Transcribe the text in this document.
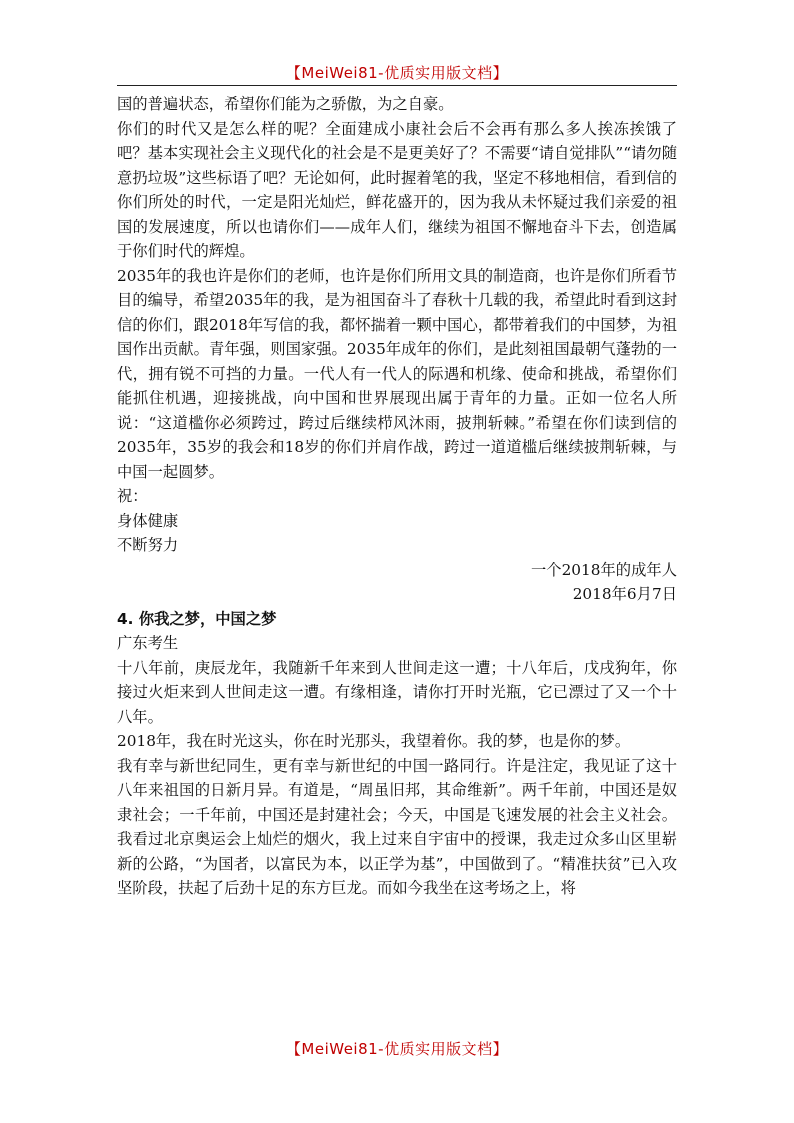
【MeiWei81-优质实用版文档】

国的普遍状态，希望你们能为之骄傲，为之自豪。

你们的时代又是怎么样的呢？全面建成小康社会后不会再有那么多人挨冻挨饿了吧？基本实现社会主义现代化的社会是不是更美好了？不需要“请自觉排队”“请勿随意扔垃圾”这些标语了吧？无论如何，此时握着笔的我，坚定不移地相信，看到信的你们所处的时代，一定是阳光灿烂，鲜花盛开的，因为我从未怀疑过我们亲爱的祖国的发展速度，所以也请你们——成年人们，继续为祖国不懈地奋斗下去，创造属于你们时代的辉煌。

2035年的我也许是你们的老师，也许是你们所用文具的制造商，也许是你们所看节目的编导，希望2035年的我，是为祖国奋斗了春秋十几载的我，希望此时看到这封信的你们，跟2018年写信的我，都怀揣着一颗中国心，都带着我们的中国梦，为祖国作出贡献。青年强，则国家强。2035年成年的你们，是此刻祖国最朝气蓬勃的一代，拥有锐不可挡的力量。一代人有一代人的际遇和机缘、使命和挑战，希望你们能抓住机遇，迎接挑战，向中国和世界展现出属于青年的力量。正如一位名人所说：“这道槛你必须跨过，跨过后继续栉风沐雨，披荆斩棘。”希望在你们读到信的2035年，35岁的我会和18岁的你们并肩作战，跨过一道道槛后继续披荆斩棘，与中国一起圆梦。

祝：

身体健康

不断努力

一个2018年的成年人

2018年6月7日

4. 你我之梦，中国之梦

广东考生

十八年前，庚辰龙年，我随新千年来到人世间走这一遭；十八年后，戊戌狗年，你接过火炬来到人世间走这一遭。有缘相逢，请你打开时光瓶，它已漂过了又一个十八年。

2018年，我在时光这头，你在时光那头，我望着你。我的梦，也是你的梦。

我有幸与新世纪同生，更有幸与新世纪的中国一路同行。许是注定，我见证了这十八年来祖国的日新月异。有道是，“周虽旧邦，其命维新”。两千年前，中国还是奴隶社会；一千年前，中国还是封建社会；今天，中国是飞速发展的社会主义社会。我看过北京奥运会上灿烂的烟火，我上过来自宇宙中的授课，我走过众多山区里崭新的公路，“为国者，以富民为本，以正学为基”，中国做到了。“精准扶贫”已入攻坚阶段，扶起了后劲十足的东方巨龙。而如今我坐在这考场之上，将

【MeiWei81-优质实用版文档】
